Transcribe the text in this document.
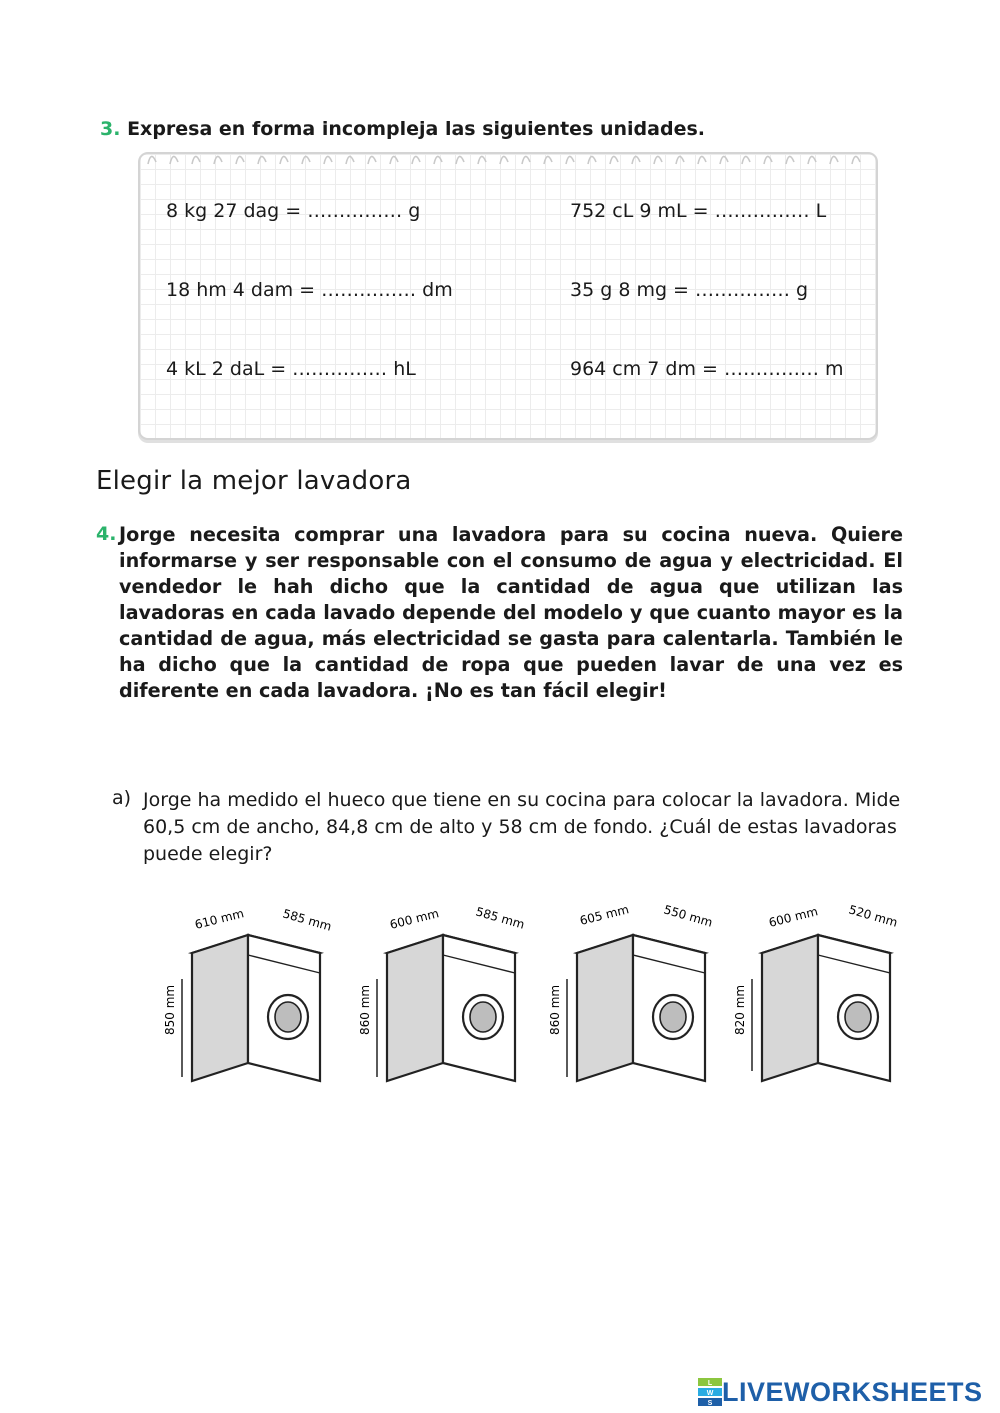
3. Expresa en forma incompleja las siguientes unidades.
8 kg 27 dag = …………… g	752 cL 9 mL = …………… L
18 hm 4 dam = …………… dm	35 g 8 mg = …………… g
4 kL 2 daL = …………… hL	964 cm 7 dm = …………… m
Elegir la mejor lavadora
4. Jorge necesita comprar una lavadora para su cocina nueva. Quiere informarse y ser responsable con el consumo de agua y electricidad. El vendedor le hah dicho que la cantidad de agua que utilizan las lavadoras en cada lavado depende del modelo y que cuanto mayor es la cantidad de agua, más electricidad se gasta para calentarla. También le ha dicho que la cantidad de ropa que pueden lavar de una vez es diferente en cada lavadora. ¡No es tan fácil elegir!
a) Jorge ha medido el hueco que tiene en su cocina para colocar la lavadora. Mide 60,5 cm de ancho, 84,8 cm de alto y 58 cm de fondo. ¿Cuál de estas lavadoras puede elegir?
610 mm	585 mm
850 mm
600 mm	585 mm
860 mm
605 mm	550 mm
860 mm
600 mm 520 mm
820 mm
L
W
S LIVEWORKSHEETS
